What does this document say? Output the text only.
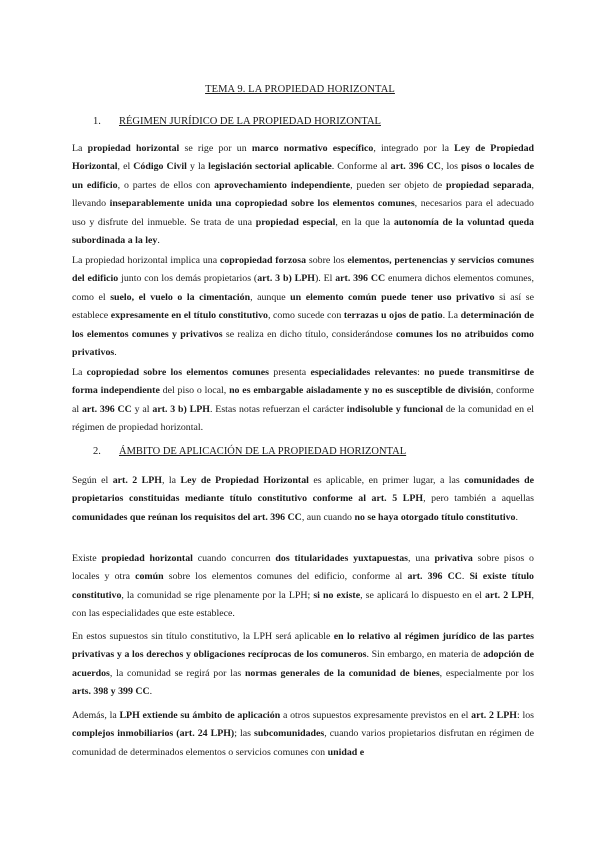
TEMA 9. LA PROPIEDAD HORIZONTAL
1. RÉGIMEN JURÍDICO DE LA PROPIEDAD HORIZONTAL

La propiedad horizontal se rige por un marco normativo específico, integrado por la Ley de Propiedad Horizontal, el Código Civil y la legislación sectorial aplicable. Conforme al art. 396 CC, los pisos o locales de un edificio, o partes de ellos con aprovechamiento independiente, pueden ser objeto de propiedad separada, llevando inseparablemente unida una copropiedad sobre los elementos comunes, necesarios para el adecuado uso y disfrute del inmueble. Se trata de una propiedad especial, en la que la autonomía de la voluntad queda subordinada a la ley.

La propiedad horizontal implica una copropiedad forzosa sobre los elementos, pertenencias y servicios comunes del edificio junto con los demás propietarios (art. 3 b) LPH). El art. 396 CC enumera dichos elementos comunes, como el suelo, el vuelo o la cimentación, aunque un elemento común puede tener uso privativo si así se establece expresamente en el título constitutivo, como sucede con terrazas u ojos de patio. La determinación de los elementos comunes y privativos se realiza en dicho título, considerándose comunes los no atribuidos como privativos.

La copropiedad sobre los elementos comunes presenta especialidades relevantes: no puede transmitirse de forma independiente del piso o local, no es embargable aisladamente y no es susceptible de división, conforme al art. 396 CC y al art. 3 b) LPH. Estas notas refuerzan el carácter indisoluble y funcional de la comunidad en el régimen de propiedad horizontal.

2. ÁMBITO DE APLICACIÓN DE LA PROPIEDAD HORIZONTAL

Según el art. 2 LPH, la Ley de Propiedad Horizontal es aplicable, en primer lugar, a las comunidades de propietarios constituidas mediante título constitutivo conforme al art. 5 LPH, pero también a aquellas comunidades que reúnan los requisitos del art. 396 CC, aun cuando no se haya otorgado título constitutivo.

Existe propiedad horizontal cuando concurren dos titularidades yuxtapuestas, una privativa sobre pisos o locales y otra común sobre los elementos comunes del edificio, conforme al art. 396 CC. Si existe título constitutivo, la comunidad se rige plenamente por la LPH; si no existe, se aplicará lo dispuesto en el art. 2 LPH, con las especialidades que este establece.

En estos supuestos sin título constitutivo, la LPH será aplicable en lo relativo al régimen jurídico de las partes privativas y a los derechos y obligaciones recíprocas de los comuneros. Sin embargo, en materia de adopción de acuerdos, la comunidad se regirá por las normas generales de la comunidad de bienes, especialmente por los arts. 398 y 399 CC.

Además, la LPH extiende su ámbito de aplicación a otros supuestos expresamente previstos en el art. 2 LPH: los complejos inmobiliarios (art. 24 LPH); las subcomunidades, cuando varios propietarios disfrutan en régimen de comunidad de determinados elementos o servicios comunes con unidad e
